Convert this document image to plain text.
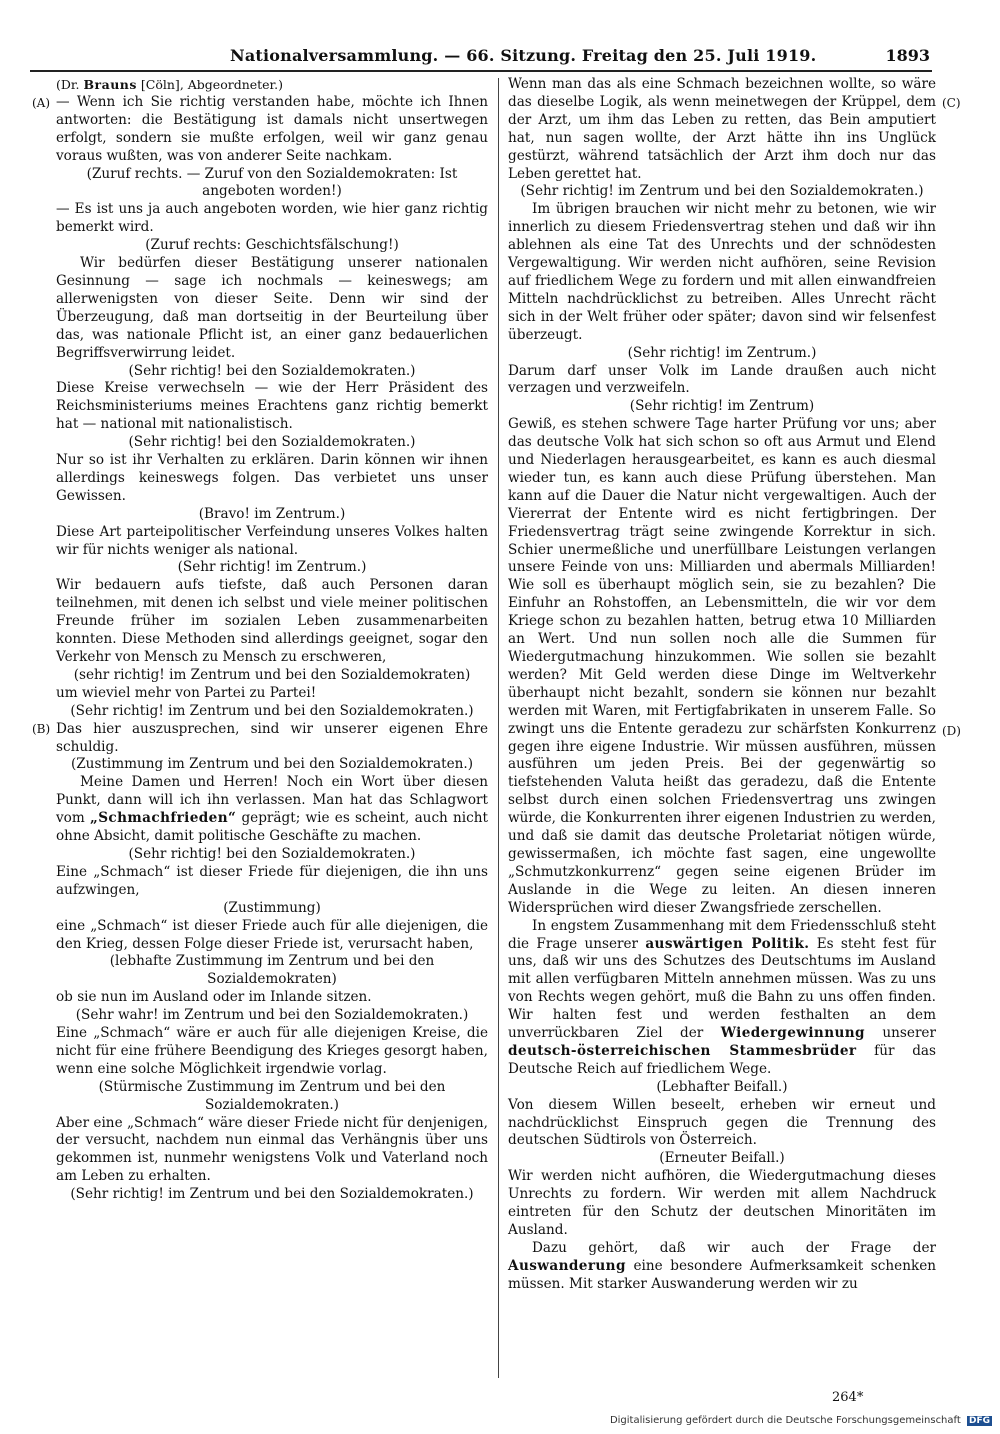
Nationalversammlung. — 66. Sitzung. Freitag den 25. Juli 1919.	1893
(A)
(B)
(C)
(D)

(Dr. Brauns [Cöln], Abgeordneter.)

— Wenn ich Sie richtig verstanden habe, möchte ich Ihnen antworten: die Bestätigung ist damals nicht unsertwegen erfolgt, sondern sie mußte erfolgen, weil wir ganz genau voraus wußten, was von anderer Seite nachkam.

(Zuruf rechts. — Zuruf von den Sozialdemokraten: Ist angeboten worden!)

— Es ist uns ja auch angeboten worden, wie hier ganz richtig bemerkt wird.

(Zuruf rechts: Geschichtsfälschung!)

Wir bedürfen dieser Bestätigung unserer nationalen Gesinnung — sage ich nochmals — keineswegs; am allerwenigsten von dieser Seite. Denn wir sind der Überzeugung, daß man dortseitig in der Beurteilung über das, was nationale Pflicht ist, an einer ganz bedauerlichen Begriffsverwirrung leidet.

(Sehr richtig! bei den Sozialdemokraten.)

Diese Kreise verwechseln — wie der Herr Präsident des Reichsministeriums meines Erachtens ganz richtig bemerkt hat — national mit nationalistisch.

(Sehr richtig! bei den Sozialdemokraten.)

Nur so ist ihr Verhalten zu erklären. Darin können wir ihnen allerdings keineswegs folgen. Das verbietet uns unser Gewissen.

(Bravo! im Zentrum.)

Diese Art parteipolitischer Verfeindung unseres Volkes halten wir für nichts weniger als national.

(Sehr richtig! im Zentrum.)

Wir bedauern aufs tiefste, daß auch Personen daran teilnehmen, mit denen ich selbst und viele meiner politischen Freunde früher im sozialen Leben zusammenarbeiten konnten. Diese Methoden sind allerdings geeignet, sogar den Verkehr von Mensch zu Mensch zu erschweren,

(sehr richtig! im Zentrum und bei den Sozialdemokraten)

um wieviel mehr von Partei zu Partei!

(Sehr richtig! im Zentrum und bei den Sozialdemokraten.)

Das hier auszusprechen, sind wir unserer eigenen Ehre schuldig.

(Zustimmung im Zentrum und bei den Sozialdemokraten.)

Meine Damen und Herren! Noch ein Wort über diesen Punkt, dann will ich ihn verlassen. Man hat das Schlagwort vom „Schmachfrieden“ geprägt; wie es scheint, auch nicht ohne Absicht, damit politische Geschäfte zu machen.

(Sehr richtig! bei den Sozialdemokraten.)

Eine „Schmach“ ist dieser Friede für diejenigen, die ihn uns aufzwingen,

(Zustimmung)

eine „Schmach“ ist dieser Friede auch für alle diejenigen, die den Krieg, dessen Folge dieser Friede ist, verursacht haben,

(lebhafte Zustimmung im Zentrum und bei den Sozialdemokraten)

ob sie nun im Ausland oder im Inlande sitzen.

(Sehr wahr! im Zentrum und bei den Sozialdemokraten.)

Eine „Schmach“ wäre er auch für alle diejenigen Kreise, die nicht für eine frühere Beendigung des Krieges gesorgt haben, wenn eine solche Möglichkeit irgendwie vorlag.

(Stürmische Zustimmung im Zentrum und bei den Sozialdemokraten.)

Aber eine „Schmach“ wäre dieser Friede nicht für denjenigen, der versucht, nachdem nun einmal das Verhängnis über uns gekommen ist, nunmehr wenigstens Volk und Vaterland noch am Leben zu erhalten.

(Sehr richtig! im Zentrum und bei den Sozialdemokraten.)

Wenn man das als eine Schmach bezeichnen wollte, so wäre das dieselbe Logik, als wenn meinetwegen der Krüppel, dem der Arzt, um ihm das Leben zu retten, das Bein amputiert hat, nun sagen wollte, der Arzt hätte ihn ins Unglück gestürzt, während tatsächlich der Arzt ihm doch nur das Leben gerettet hat.

(Sehr richtig! im Zentrum und bei den Sozialdemokraten.)

Im übrigen brauchen wir nicht mehr zu betonen, wie wir innerlich zu diesem Friedensvertrag stehen und daß wir ihn ablehnen als eine Tat des Unrechts und der schnödesten Vergewaltigung. Wir werden nicht aufhören, seine Revision auf friedlichem Wege zu fordern und mit allen einwandfreien Mitteln nachdrücklichst zu betreiben. Alles Unrecht rächt sich in der Welt früher oder später; davon sind wir felsenfest überzeugt.

(Sehr richtig! im Zentrum.)

Darum darf unser Volk im Lande draußen auch nicht verzagen und verzweifeln.

(Sehr richtig! im Zentrum)

Gewiß, es stehen schwere Tage harter Prüfung vor uns; aber das deutsche Volk hat sich schon so oft aus Armut und Elend und Niederlagen herausgearbeitet, es kann es auch diesmal wieder tun, es kann auch diese Prüfung überstehen. Man kann auf die Dauer die Natur nicht vergewaltigen. Auch der Viererrat der Entente wird es nicht fertigbringen. Der Friedensvertrag trägt seine zwingende Korrektur in sich. Schier unermeßliche und unerfüllbare Leistungen verlangen unsere Feinde von uns: Milliarden und abermals Milliarden! Wie soll es überhaupt möglich sein, sie zu bezahlen? Die Einfuhr an Rohstoffen, an Lebensmitteln, die wir vor dem Kriege schon zu bezahlen hatten, betrug etwa 10 Milliarden an Wert. Und nun sollen noch alle die Summen für Wiedergutmachung hinzukommen. Wie sollen sie bezahlt werden? Mit Geld werden diese Dinge im Weltverkehr überhaupt nicht bezahlt, sondern sie können nur bezahlt werden mit Waren, mit Fertigfabrikaten in unserem Falle. So zwingt uns die Entente geradezu zur schärfsten Konkurrenz gegen ihre eigene Industrie. Wir müssen ausführen, müssen ausführen um jeden Preis. Bei der gegenwärtig so tiefstehenden Valuta heißt das geradezu, daß die Entente selbst durch einen solchen Friedensvertrag uns zwingen würde, die Konkurrenten ihrer eigenen Industrien zu werden, und daß sie damit das deutsche Proletariat nötigen würde, gewissermaßen, ich möchte fast sagen, eine ungewollte „Schmutzkonkurrenz“ gegen seine eigenen Brüder im Auslande in die Wege zu leiten. An diesen inneren Widersprüchen wird dieser Zwangsfriede zerschellen.

In engstem Zusammenhang mit dem Friedensschluß steht die Frage unserer auswärtigen Politik. Es steht fest für uns, daß wir uns des Schutzes des Deutschtums im Ausland mit allen verfügbaren Mitteln annehmen müssen. Was zu uns von Rechts wegen gehört, muß die Bahn zu uns offen finden. Wir halten fest und werden festhalten an dem unverrückbaren Ziel der Wiedergewinnung unserer deutsch-österreichischen Stammesbrüder für das Deutsche Reich auf friedlichem Wege.

(Lebhafter Beifall.)

Von diesem Willen beseelt, erheben wir erneut und nachdrücklichst Einspruch gegen die Trennung des deutschen Südtirols von Österreich.

(Erneuter Beifall.)

Wir werden nicht aufhören, die Wiedergutmachung dieses Unrechts zu fordern. Wir werden mit allem Nachdruck eintreten für den Schutz der deutschen Minoritäten im Ausland.

Dazu gehört, daß wir auch der Frage der Auswanderung eine besondere Aufmerksamkeit schenken müssen. Mit starker Auswanderung werden wir zu

264*
Digitalisierung gefördert durch die Deutsche Forschungsgemeinschaft DFG
